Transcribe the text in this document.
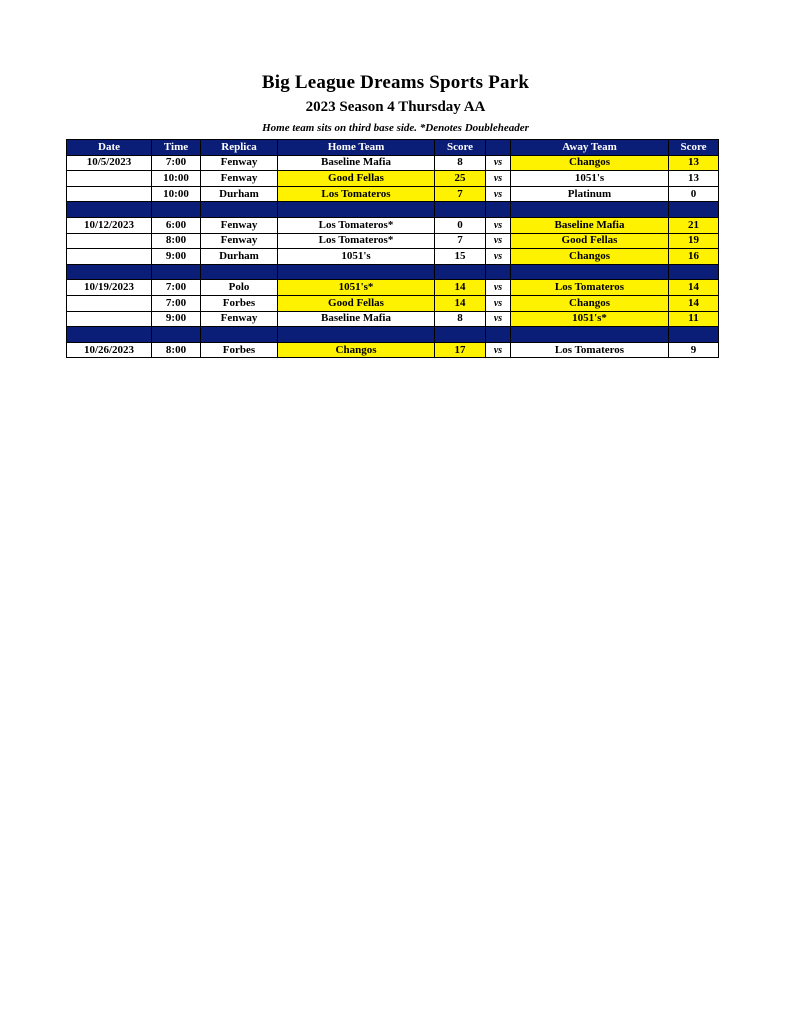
Big League Dreams Sports Park
2023 Season 4 Thursday AA
Home team sits on third base side. *Denotes Doubleheader
Date	Time	Replica	Home Team	Score		Away Team	Score
10/5/2023	7:00	Fenway	Baseline Mafia	8	vs	Changos	13
	10:00	Fenway	Good Fellas	25	vs	1051's	13
	10:00	Durham	Los Tomateros	7	vs	Platinum	0

10/12/2023	6:00	Fenway	Los Tomateros*	0	vs	Baseline Mafia	21
	8:00	Fenway	Los Tomateros*	7	vs	Good Fellas	19
	9:00	Durham	1051's	15	vs	Changos	16

10/19/2023	7:00	Polo	1051's*	14	vs	Los Tomateros	14
	7:00	Forbes	Good Fellas	14	vs	Changos	14
	9:00	Fenway	Baseline Mafia	8	vs	1051's*	11

10/26/2023	8:00	Forbes	Changos	17	vs	Los Tomateros	9
